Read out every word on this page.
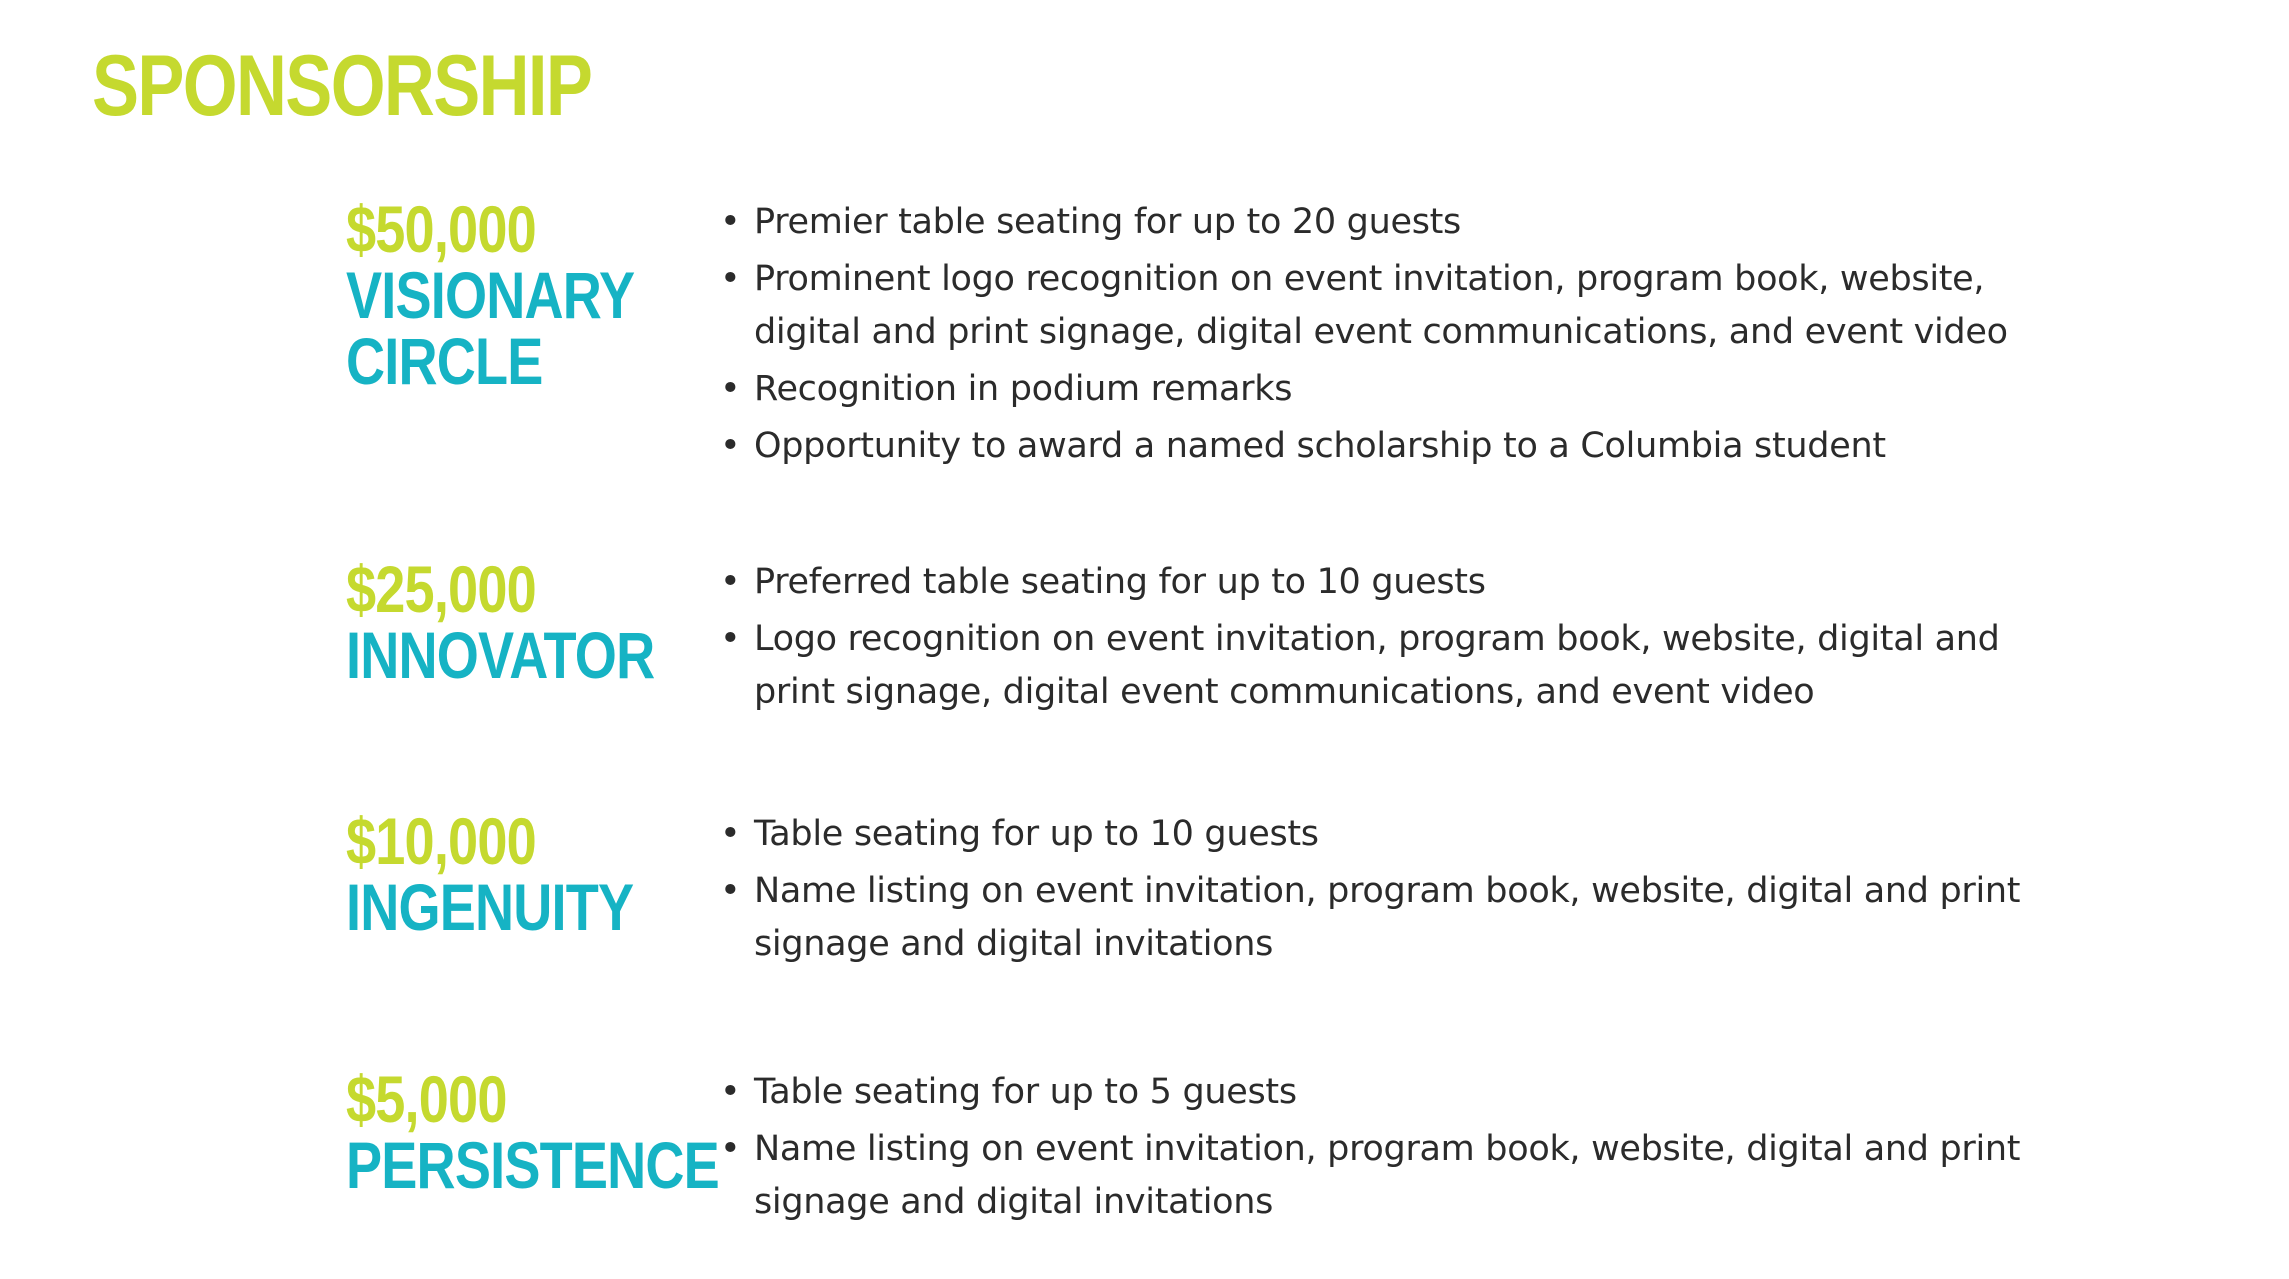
SPONSORSHIP
$50,000
VISIONARY
CIRCLE
• Premier table seating for up to 20 guests
• Prominent logo recognition on event invitation, program book, website, digital and print signage, digital event communications, and event video
• Recognition in podium remarks
• Opportunity to award a named scholarship to a Columbia student
$25,000
INNOVATOR
• Preferred table seating for up to 10 guests
• Logo recognition on event invitation, program book, website, digital and print signage, digital event communications, and event video
$10,000
INGENUITY
• Table seating for up to 10 guests
• Name listing on event invitation, program book, website, digital and print signage and digital invitations
$5,000
PERSISTENCE
• Table seating for up to 5 guests
• Name listing on event invitation, program book, website, digital and print signage and digital invitations
